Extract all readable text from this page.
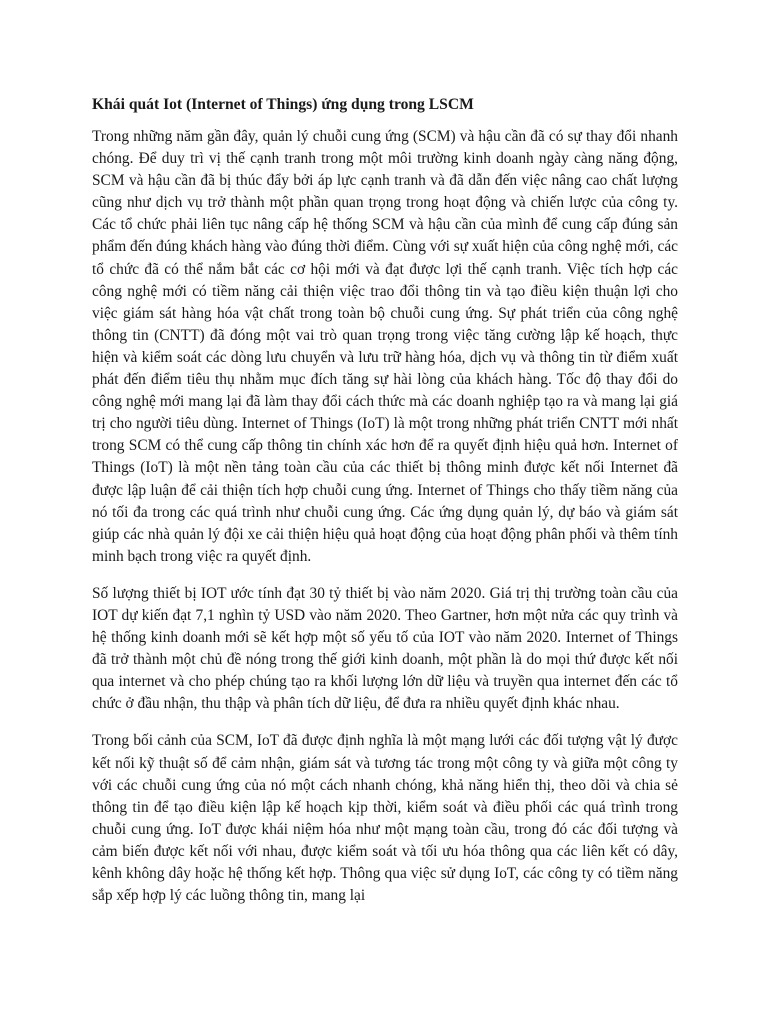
Khái quát Iot (Internet of Things) ứng dụng trong LSCM

Trong những năm gần đây, quản lý chuỗi cung ứng (SCM) và hậu cần đã có sự thay đổi nhanh chóng. Để duy trì vị thế cạnh tranh trong một môi trường kinh doanh ngày càng năng động, SCM và hậu cần đã bị thúc đẩy bởi áp lực cạnh tranh và đã dẫn đến việc nâng cao chất lượng cũng như dịch vụ trở thành một phần quan trọng trong hoạt động và chiến lược của công ty. Các tổ chức phải liên tục nâng cấp hệ thống SCM và hậu cần của mình để cung cấp đúng sản phẩm đến đúng khách hàng vào đúng thời điểm. Cùng với sự xuất hiện của công nghệ mới, các tổ chức đã có thể nắm bắt các cơ hội mới và đạt được lợi thế cạnh tranh. Việc tích hợp các công nghệ mới có tiềm năng cải thiện việc trao đổi thông tin và tạo điều kiện thuận lợi cho việc giám sát hàng hóa vật chất trong toàn bộ chuỗi cung ứng. Sự phát triển của công nghệ thông tin (CNTT) đã đóng một vai trò quan trọng trong việc tăng cường lập kế hoạch, thực hiện và kiểm soát các dòng lưu chuyển và lưu trữ hàng hóa, dịch vụ và thông tin từ điểm xuất phát đến điểm tiêu thụ nhằm mục đích tăng sự hài lòng của khách hàng. Tốc độ thay đổi do công nghệ mới mang lại đã làm thay đổi cách thức mà các doanh nghiệp tạo ra và mang lại giá trị cho người tiêu dùng. Internet of Things (IoT) là một trong những phát triển CNTT mới nhất trong SCM có thể cung cấp thông tin chính xác hơn để ra quyết định hiệu quả hơn. Internet of Things (IoT) là một nền tảng toàn cầu của các thiết bị thông minh được kết nối Internet đã được lập luận để cải thiện tích hợp chuỗi cung ứng. Internet of Things cho thấy tiềm năng của nó tối đa trong các quá trình như chuỗi cung ứng. Các ứng dụng quản lý, dự báo và giám sát giúp các nhà quản lý đội xe cải thiện hiệu quả hoạt động của hoạt động phân phối và thêm tính minh bạch trong việc ra quyết định.

Số lượng thiết bị IOT ước tính đạt 30 tỷ thiết bị vào năm 2020. Giá trị thị trường toàn cầu của IOT dự kiến đạt 7,1 nghìn tỷ USD vào năm 2020. Theo Gartner, hơn một nửa các quy trình và hệ thống kinh doanh mới sẽ kết hợp một số yếu tố của IOT vào năm 2020. Internet of Things đã trở thành một chủ đề nóng trong thế giới kinh doanh, một phần là do mọi thứ được kết nối qua internet và cho phép chúng tạo ra khối lượng lớn dữ liệu và truyền qua internet đến các tổ chức ở đầu nhận, thu thập và phân tích dữ liệu, để đưa ra nhiều quyết định khác nhau.

Trong bối cảnh của SCM, IoT đã được định nghĩa là một mạng lưới các đối tượng vật lý được kết nối kỹ thuật số để cảm nhận, giám sát và tương tác trong một công ty và giữa một công ty với các chuỗi cung ứng của nó một cách nhanh chóng, khả năng hiển thị, theo dõi và chia sẻ thông tin để tạo điều kiện lập kế hoạch kịp thời, kiểm soát và điều phối các quá trình trong chuỗi cung ứng. IoT được khái niệm hóa như một mạng toàn cầu, trong đó các đối tượng và cảm biến được kết nối với nhau, được kiểm soát và tối ưu hóa thông qua các liên kết có dây, kênh không dây hoặc hệ thống kết hợp. Thông qua việc sử dụng IoT, các công ty có tiềm năng sắp xếp hợp lý các luồng thông tin, mang lại
